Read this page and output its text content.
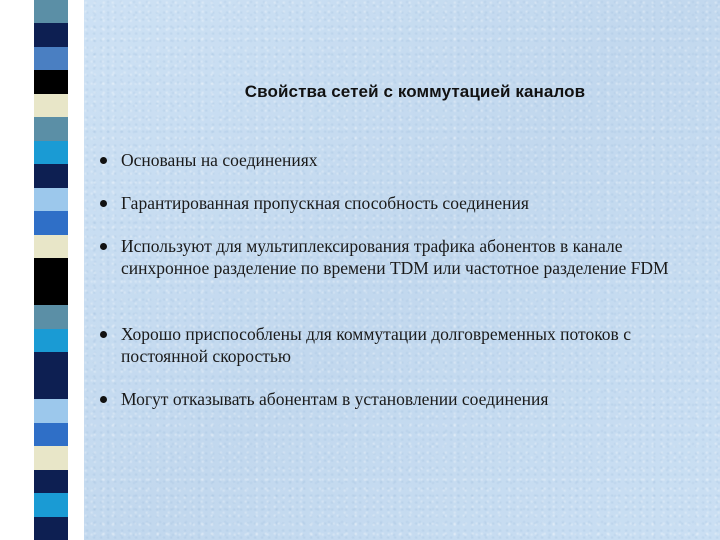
Свойства сетей с коммутацией каналов
Основаны на соединениях
Гарантированная пропускная способность соединения
Используют для мультиплексирования трафика абонентов в канале синхронное разделение по времени TDM или частотное разделение FDM
Хорошо приспособлены для коммутации долговременных потоков с постоянной скоростью
Могут отказывать абонентам в установлении соединения
